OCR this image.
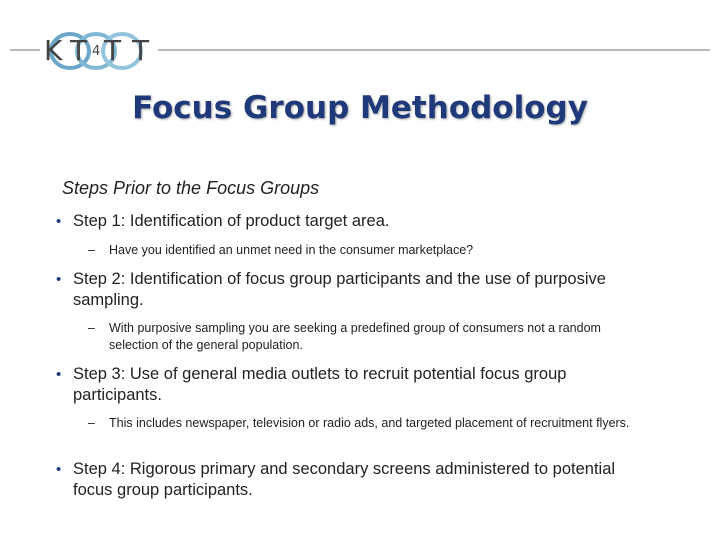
K T 4 T T
Focus Group Methodology
Steps Prior to the Focus Groups
• Step 1: Identification of product target area.
– Have you identified an unmet need in the consumer marketplace?
• Step 2: Identification of focus group participants and the use of purposive sampling.
– With purposive sampling you are seeking a predefined group of consumers not a random selection of the general population.
• Step 3: Use of general media outlets to recruit potential focus group participants.
– This includes newspaper, television or radio ads, and targeted placement of recruitment flyers.
• Step 4: Rigorous primary and secondary screens administered to potential focus group participants.
